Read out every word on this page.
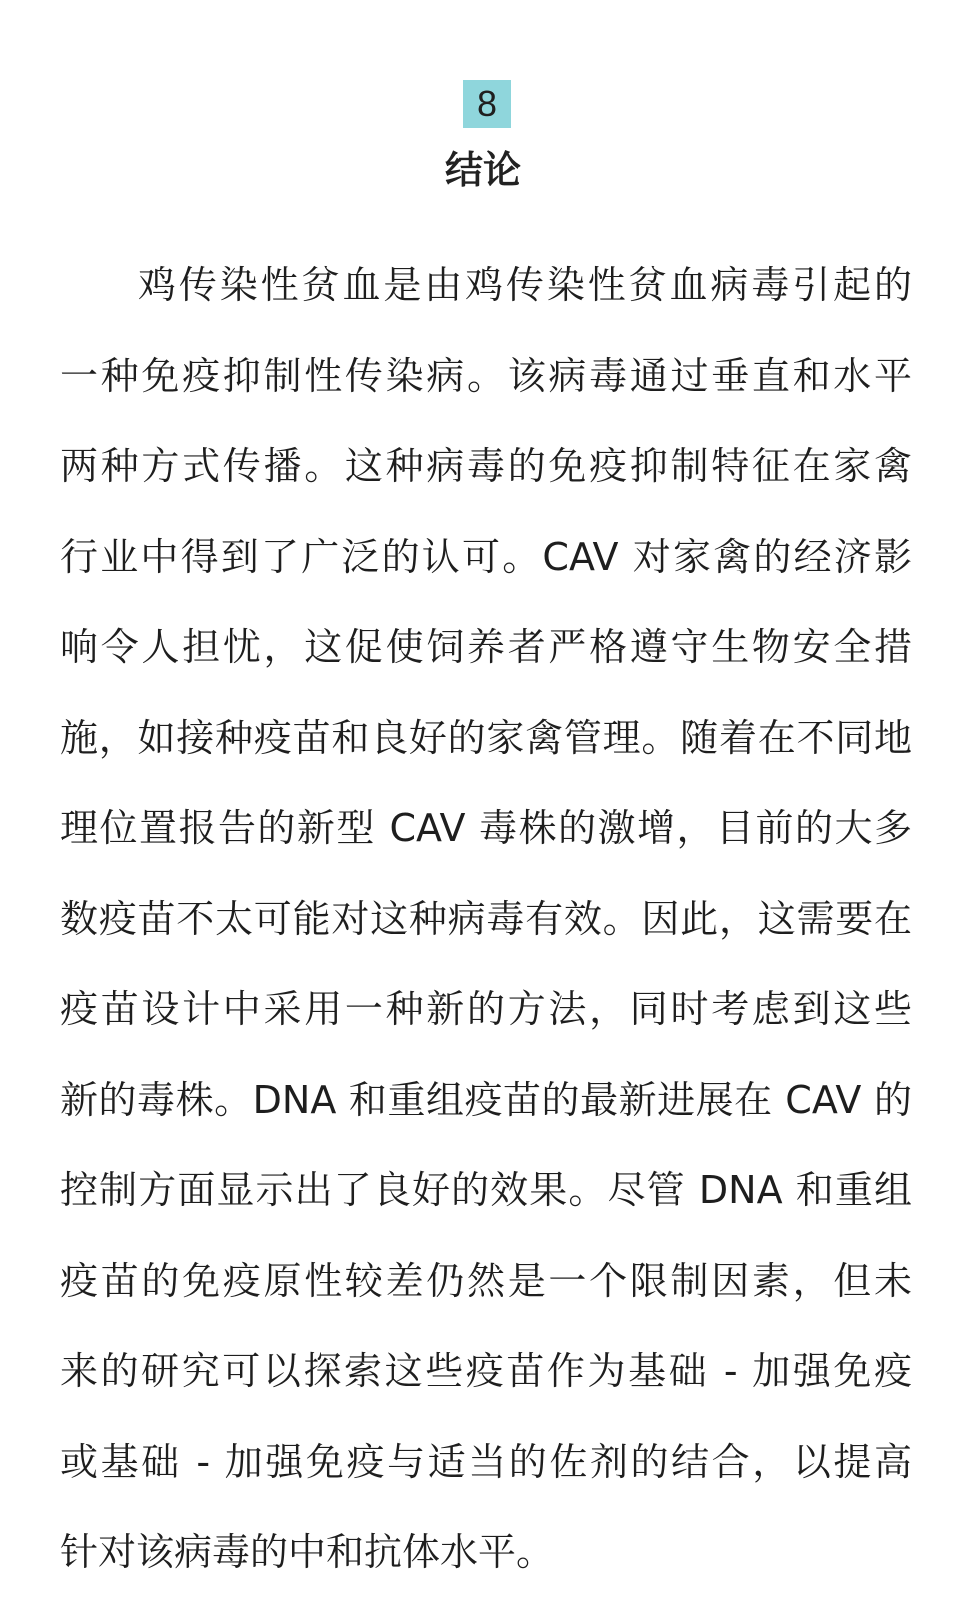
8
结论
鸡传染性贫血是由鸡传染性贫血病毒引起的
一种免疫抑制性传染病。该病毒通过垂直和水平
两种方式传播。这种病毒的免疫抑制特征在家禽
行业中得到了广泛的认可。CAV 对家禽的经济影
响令人担忧，这促使饲养者严格遵守生物安全措
施，如接种疫苗和良好的家禽管理。随着在不同地
理位置报告的新型 CAV 毒株的激增，目前的大多
数疫苗不太可能对这种病毒有效。因此，这需要在
疫苗设计中采用一种新的方法，同时考虑到这些
新的毒株。DNA 和重组疫苗的最新进展在 CAV 的
控制方面显示出了良好的效果。尽管 DNA 和重组
疫苗的免疫原性较差仍然是一个限制因素，但未
来的研究可以探索这些疫苗作为基础 - 加强免疫
或基础 - 加强免疫与适当的佐剂的结合，以提高
针对该病毒的中和抗体水平。
